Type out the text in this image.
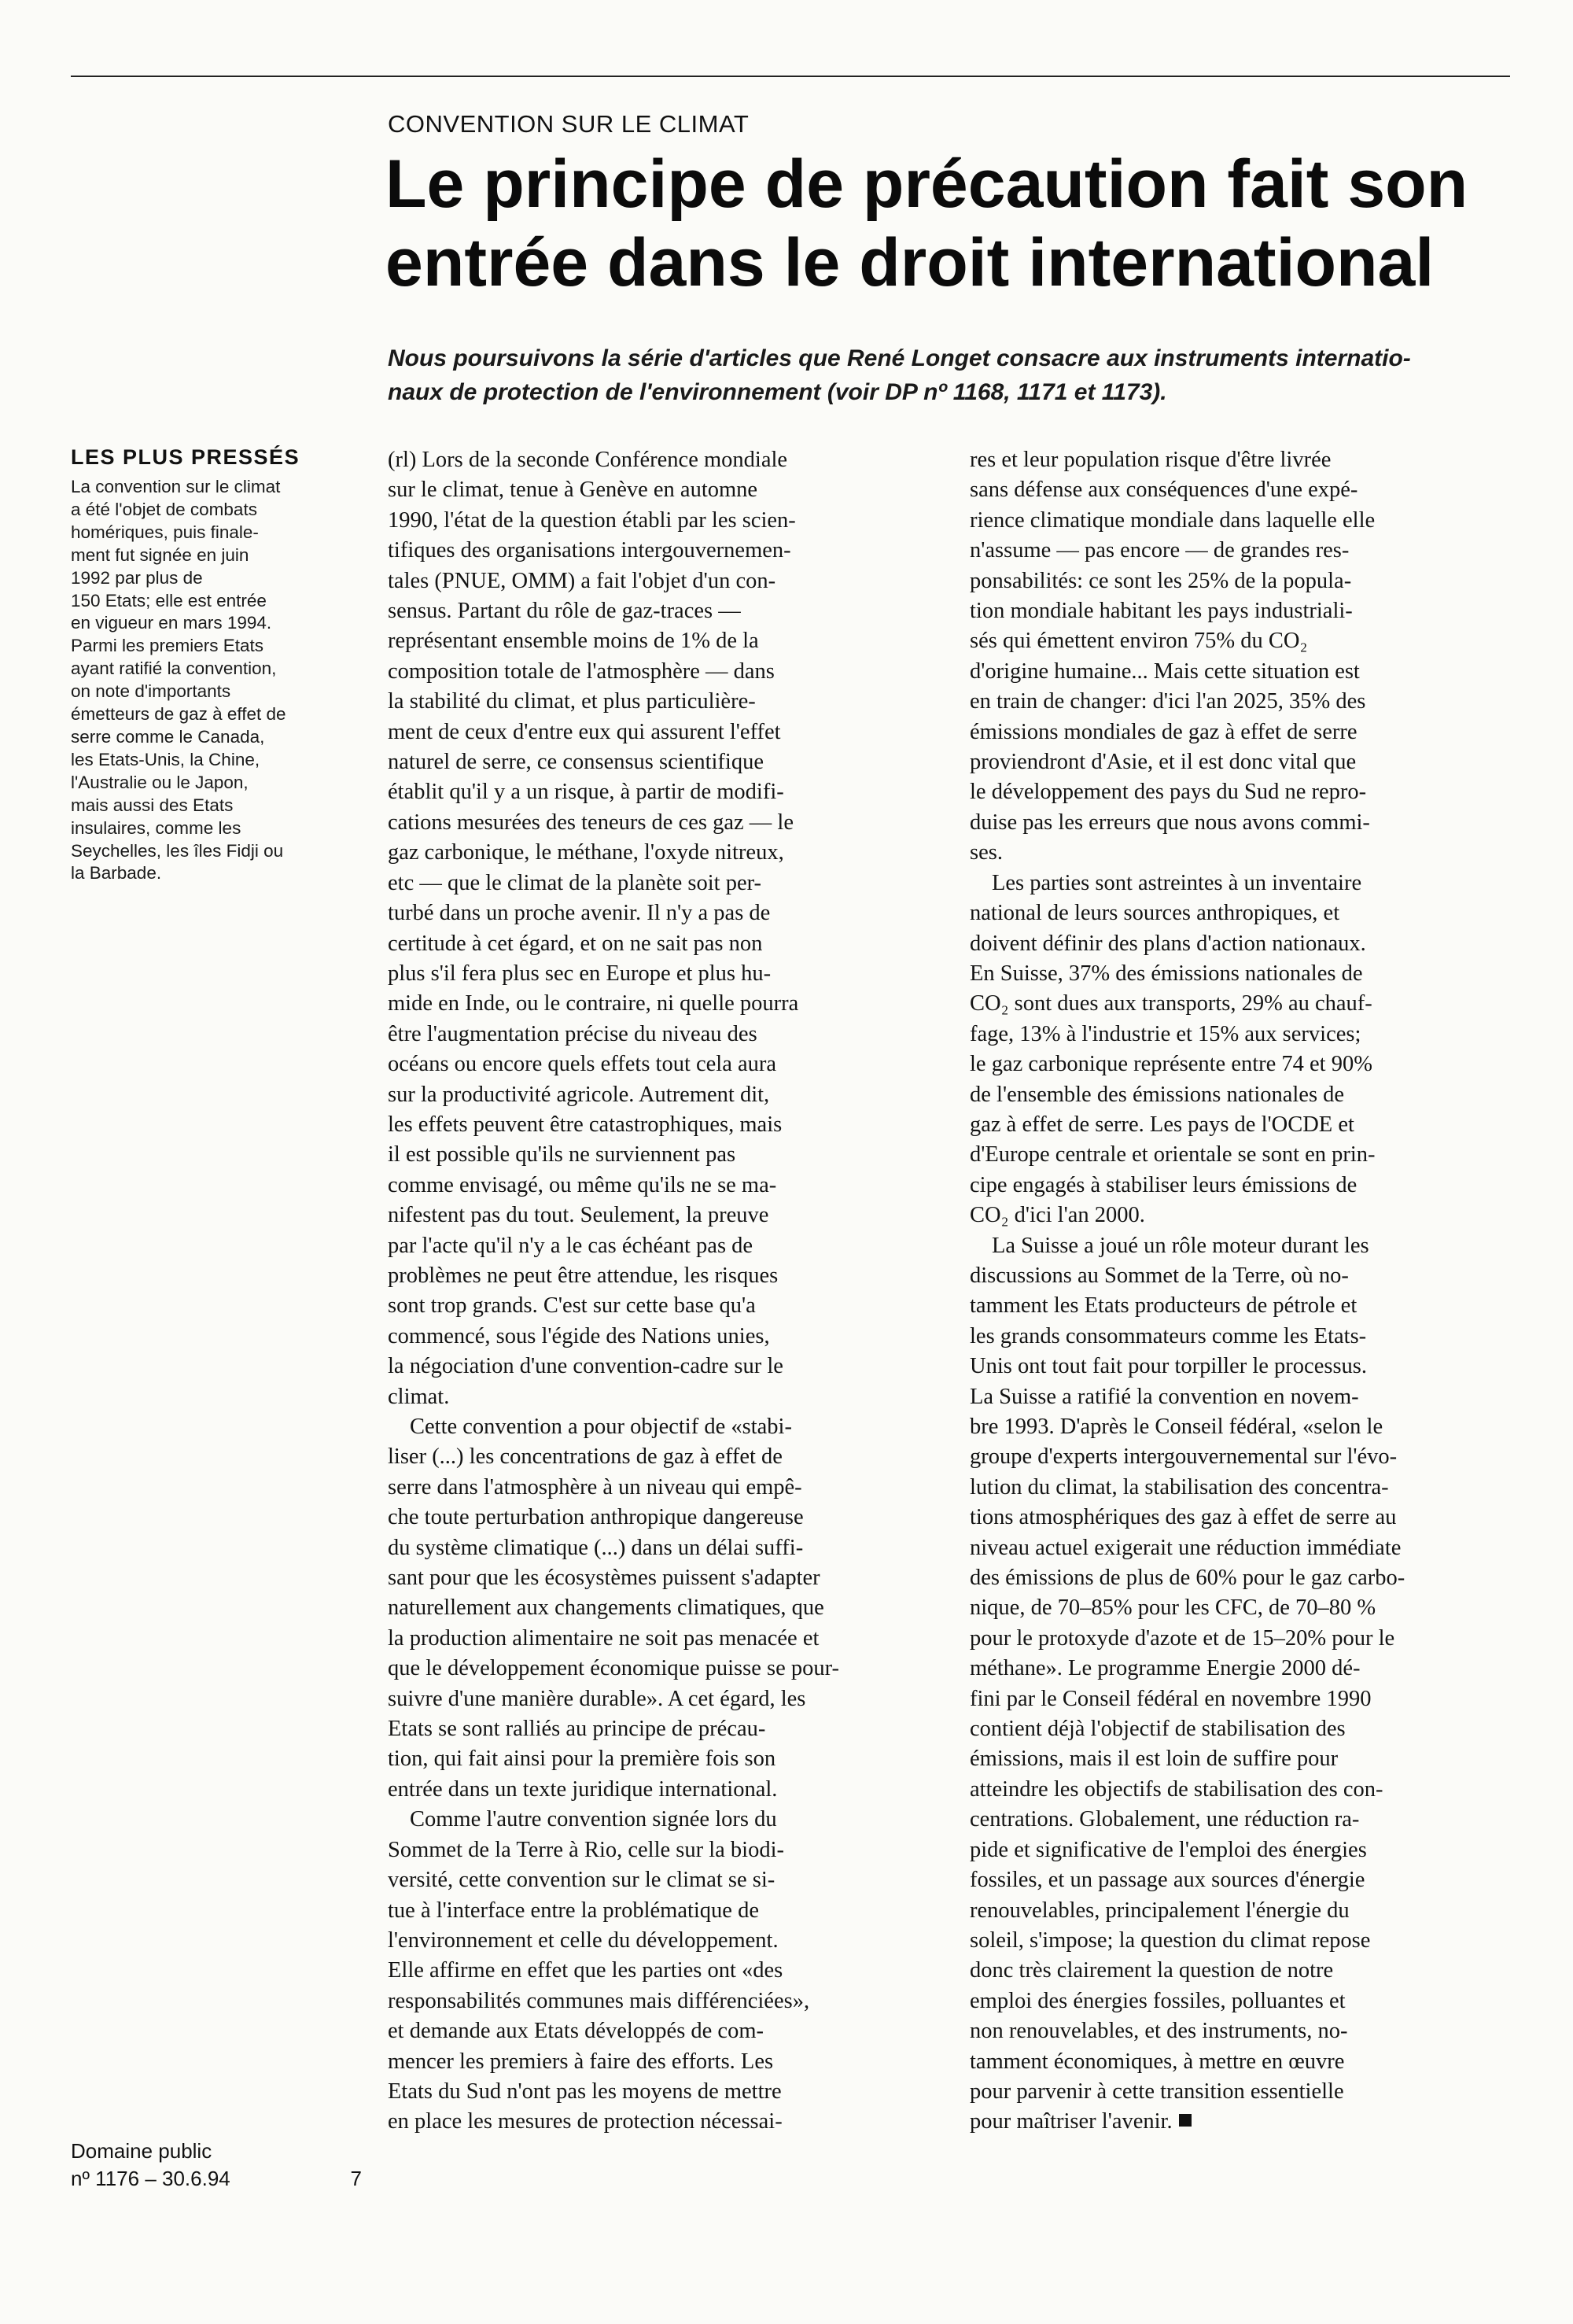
CONVENTION SUR LE CLIMAT
Le principe de précaution fait son
entrée dans le droit international

Nous poursuivons la série d'articles que René Longet consacre aux instruments internatio-
naux de protection de l'environnement (voir DP nº 1168, 1171 et 1173).

LES PLUS PRESSÉS
La convention sur le climat
a été l'objet de combats
homériques, puis finale-
ment fut signée en juin
1992 par plus de
150 Etats; elle est entrée
en vigueur en mars 1994.
Parmi les premiers Etats
ayant ratifié la convention,
on note d'importants
émetteurs de gaz à effet de
serre comme le Canada,
les Etats-Unis, la Chine,
l'Australie ou le Japon,
mais aussi des Etats
insulaires, comme les
Seychelles, les îles Fidji ou
la Barbade.
Domaine public
nº 1176 – 30.6.94	7
(rl) Lors de la seconde Conférence mondiale
sur le climat, tenue à Genève en automne
1990, l'état de la question établi par les scien-
tifiques des organisations intergouvernemen-
tales (PNUE, OMM) a fait l'objet d'un con-
sensus. Partant du rôle de gaz-traces —
représentant ensemble moins de 1% de la
composition totale de l'atmosphère — dans
la stabilité du climat, et plus particulière-
ment de ceux d'entre eux qui assurent l'effet
naturel de serre, ce consensus scientifique
établit qu'il y a un risque, à partir de modifi-
cations mesurées des teneurs de ces gaz — le
gaz carbonique, le méthane, l'oxyde nitreux,
etc — que le climat de la planète soit per-
turbé dans un proche avenir. Il n'y a pas de
certitude à cet égard, et on ne sait pas non
plus s'il fera plus sec en Europe et plus hu-
mide en Inde, ou le contraire, ni quelle pourra
être l'augmentation précise du niveau des
océans ou encore quels effets tout cela aura
sur la productivité agricole. Autrement dit,
les effets peuvent être catastrophiques, mais
il est possible qu'ils ne surviennent pas
comme envisagé, ou même qu'ils ne se ma-
nifestent pas du tout. Seulement, la preuve
par l'acte qu'il n'y a le cas échéant pas de
problèmes ne peut être attendue, les risques
sont trop grands. C'est sur cette base qu'a
commencé, sous l'égide des Nations unies,
la négociation d'une convention-cadre sur le
climat.
Cette convention a pour objectif de «stabi-
liser (...) les concentrations de gaz à effet de
serre dans l'atmosphère à un niveau qui empê-
che toute perturbation anthropique dangereuse
du système climatique (...) dans un délai suffi-
sant pour que les écosystèmes puissent s'adapter
naturellement aux changements climatiques, que
la production alimentaire ne soit pas menacée et
que le développement économique puisse se pour-
suivre d'une manière durable». A cet égard, les
Etats se sont ralliés au principe de précau-
tion, qui fait ainsi pour la première fois son
entrée dans un texte juridique international.
Comme l'autre convention signée lors du
Sommet de la Terre à Rio, celle sur la biodi-
versité, cette convention sur le climat se si-
tue à l'interface entre la problématique de
l'environnement et celle du développement.
Elle affirme en effet que les parties ont «des
responsabilités communes mais différenciées»,
et demande aux Etats développés de com-
mencer les premiers à faire des efforts. Les
Etats du Sud n'ont pas les moyens de mettre
en place les mesures de protection nécessai-
res et leur population risque d'être livrée
sans défense aux conséquences d'une expé-
rience climatique mondiale dans laquelle elle
n'assume — pas encore — de grandes res-
ponsabilités: ce sont les 25% de la popula-
tion mondiale habitant les pays industriali-
sés qui émettent environ 75% du CO₂
d'origine humaine... Mais cette situation est
en train de changer: d'ici l'an 2025, 35% des
émissions mondiales de gaz à effet de serre
proviendront d'Asie, et il est donc vital que
le développement des pays du Sud ne repro-
duise pas les erreurs que nous avons commi-
ses.
Les parties sont astreintes à un inventaire
national de leurs sources anthropiques, et
doivent définir des plans d'action nationaux.
En Suisse, 37% des émissions nationales de
CO₂ sont dues aux transports, 29% au chauf-
fage, 13% à l'industrie et 15% aux services;
le gaz carbonique représente entre 74 et 90%
de l'ensemble des émissions nationales de
gaz à effet de serre. Les pays de l'OCDE et
d'Europe centrale et orientale se sont en prin-
cipe engagés à stabiliser leurs émissions de
CO₂ d'ici l'an 2000.
La Suisse a joué un rôle moteur durant les
discussions au Sommet de la Terre, où no-
tamment les Etats producteurs de pétrole et
les grands consommateurs comme les Etats-
Unis ont tout fait pour torpiller le processus.
La Suisse a ratifié la convention en novem-
bre 1993. D'après le Conseil fédéral, «selon le
groupe d'experts intergouvernemental sur l'évo-
lution du climat, la stabilisation des concentra-
tions atmosphériques des gaz à effet de serre au
niveau actuel exigerait une réduction immédiate
des émissions de plus de 60% pour le gaz carbo-
nique, de 70–85% pour les CFC, de 70–80 %
pour le protoxyde d'azote et de 15–20% pour le
méthane». Le programme Energie 2000 dé-
fini par le Conseil fédéral en novembre 1990
contient déjà l'objectif de stabilisation des
émissions, mais il est loin de suffire pour
atteindre les objectifs de stabilisation des con-
centrations. Globalement, une réduction ra-
pide et significative de l'emploi des énergies
fossiles, et un passage aux sources d'énergie
renouvelables, principalement l'énergie du
soleil, s'impose; la question du climat repose
donc très clairement la question de notre
emploi des énergies fossiles, polluantes et
non renouvelables, et des instruments, no-
tamment économiques, à mettre en œuvre
pour parvenir à cette transition essentielle
pour maîtriser l'avenir.
